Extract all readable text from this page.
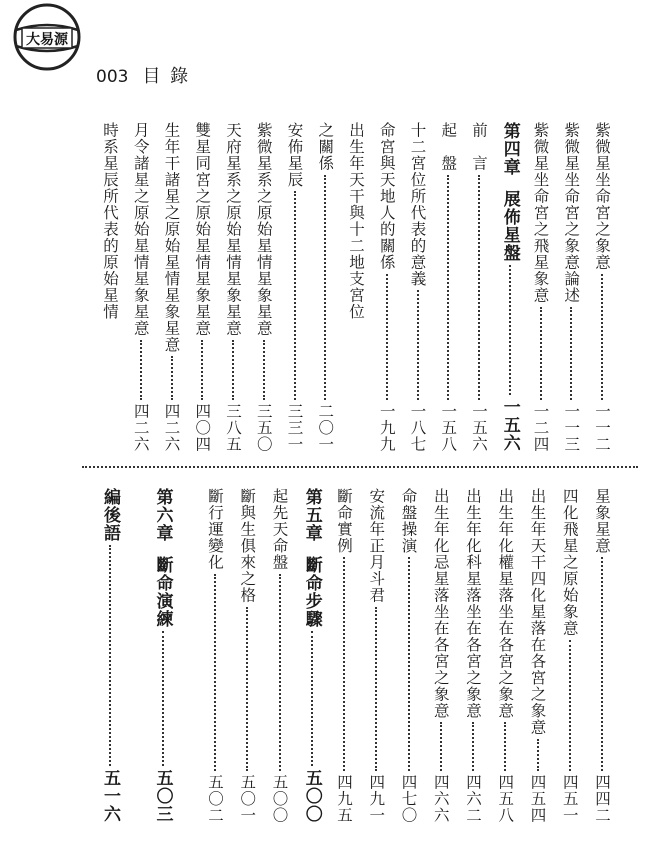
大易源
003 目 錄
紫微星坐命宮之象意
一一二
紫微星坐命宮之象意論述
一一三
紫微星坐命宮之飛星象意
一二四
第四章
展佈星盤
一五六
前　言
一五六
起　盤
一五八
十二宮位所代表的意義
一八七
命宮與天地人的關係
一九九
出生年天干與十二地支宮位
之關係
二〇一
安佈星辰
三三一
紫微星系之原始星情星象星意
三五〇
天府星系之原始星情星象星意
三八五
雙星同宮之原始星情星象星意
四〇四
生年干諸星之原始星情星象星意
四二六
月令諸星之原始星情星象星意
四二六
時系星辰所代表的原始星情
星象星意
四四二
四化飛星之原始象意
四五一
出生年天干四化星落在各宮之象意
四五四
出生年化權星落坐在各宮之象意
四五八
出生年化科星落坐在各宮之象意
四六二
出生年化忌星落坐在各宮之象意
四六六
命盤操演
四七〇
安流年正月斗君
四九一
斷命實例
四九五
第五章
斷命步驟
五〇〇
起先天命盤
五〇〇
斷與生俱來之格
五〇一
斷行運變化
五〇二
第六章
斷命演練
五〇三
編後語
五一六
